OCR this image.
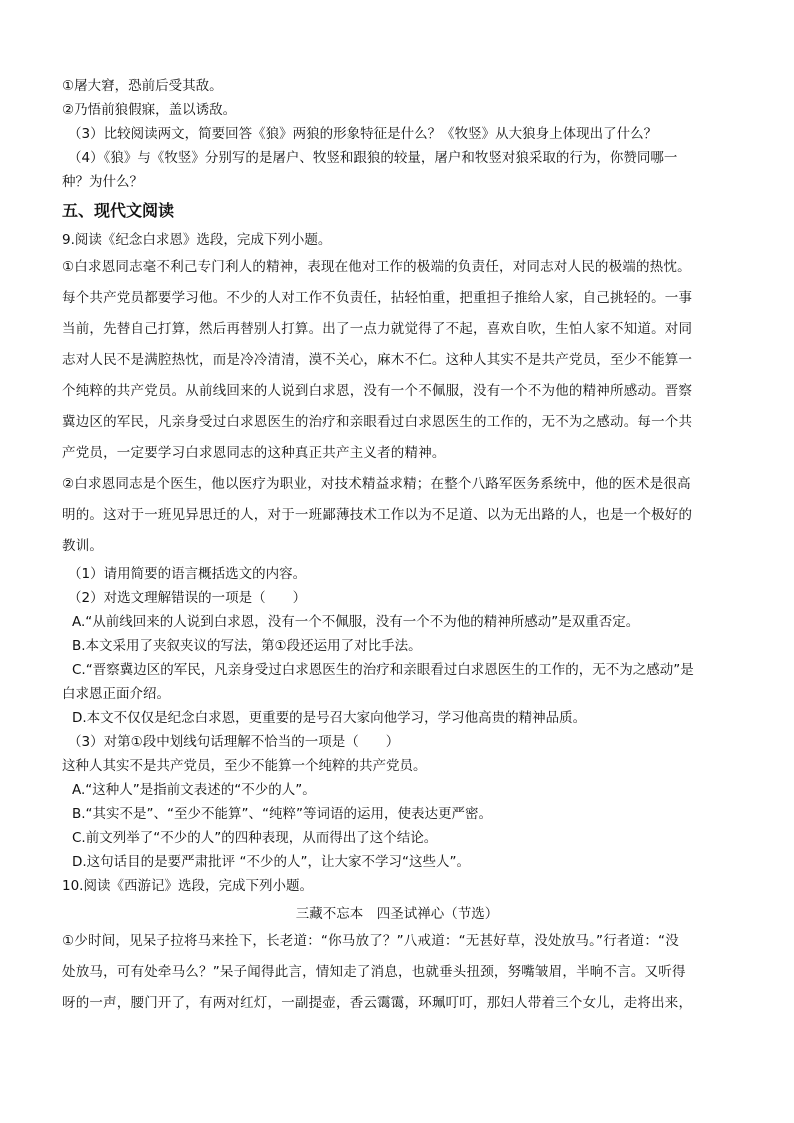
①屠大窘，恐前后受其敌。
②乃悟前狼假寐，盖以诱敌。
（3）比较阅读两文，简要回答《狼》两狼的形象特征是什么？《牧竖》从大狼身上体现出了什么？
（4）《狼》与《牧竖》分别写的是屠户、牧竖和跟狼的较量，屠户和牧竖对狼采取的行为，你赞同哪一
种？为什么？
五、现代文阅读
9.阅读《纪念白求恩》选段，完成下列小题。
①白求恩同志毫不利己专门利人的精神，表现在他对工作的极端的负责任，对同志对人民的极端的热忱。
每个共产党员都要学习他。不少的人对工作不负责任，拈轻怕重，把重担子推给人家，自己挑轻的。一事
当前，先替自己打算，然后再替别人打算。出了一点力就觉得了不起，喜欢自吹，生怕人家不知道。对同
志对人民不是满腔热忱，而是冷冷清清，漠不关心，麻木不仁。这种人其实不是共产党员，至少不能算一
个纯粹的共产党员。从前线回来的人说到白求恩，没有一个不佩服，没有一个不为他的精神所感动。晋察
冀边区的军民，凡亲身受过白求恩医生的治疗和亲眼看过白求恩医生的工作的，无不为之感动。每一个共
产党员，一定要学习白求恩同志的这种真正共产主义者的精神。
②白求恩同志是个医生，他以医疗为职业，对技术精益求精；在整个八路军医务系统中，他的医术是很高
明的。这对于一班见异思迁的人，对于一班鄙薄技术工作以为不足道、以为无出路的人，也是一个极好的
教训。
（1）请用简要的语言概括选文的内容。
（2）对选文理解错误的一项是（　　）
A.“从前线回来的人说到白求恩，没有一个不佩服，没有一个不为他的精神所感动”是双重否定。
B.本文采用了夹叙夹议的写法，第①段还运用了对比手法。
C.“晋察冀边区的军民，凡亲身受过白求恩医生的治疗和亲眼看过白求恩医生的工作的，无不为之感动”是
白求恩正面介绍。
D.本文不仅仅是纪念白求恩，更重要的是号召大家向他学习，学习他高贵的精神品质。
（3）对第①段中划线句话理解不恰当的一项是（　　）
这种人其实不是共产党员，至少不能算一个纯粹的共产党员。
A.“这种人”是指前文表述的“不少的人”。
B.“其实不是”、“至少不能算”、“纯粹”等词语的运用，使表达更严密。
C.前文列举了“不少的人”的四种表现，从而得出了这个结论。
D.这句话目的是要严肃批评 “不少的人”，让大家不学习“这些人”。
10.阅读《西游记》选段，完成下列小题。
三藏不忘本　四圣试禅心（节选）
①少时间，见呆子拉将马来拴下，长老道：“你马放了？”八戒道：“无甚好草，没处放马。”行者道：“没
处放马，可有处牵马么？”呆子闻得此言，情知走了消息，也就垂头扭颈，努嘴皱眉，半晌不言。又听得
呀的一声，腰门开了，有两对红灯，一副提壶，香云霭霭，环珮叮叮，那妇人带着三个女儿，走将出来，
